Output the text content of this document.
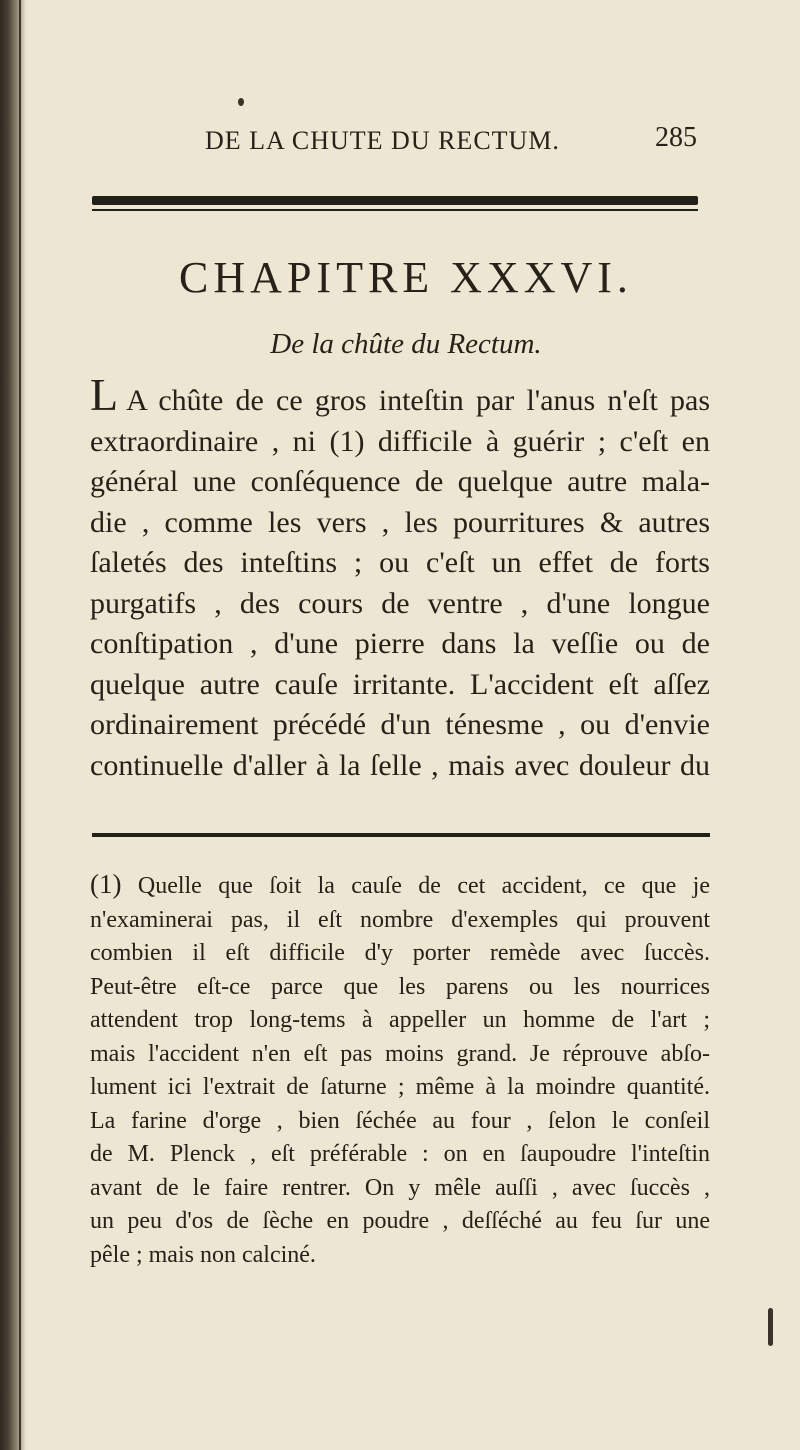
DE LA CHUTE DU RECTUM.	285
CHAPITRE XXXVI.
De la chûte du Rectum.
L A chûte de ce gros inteſtin par l'anus n'eſt pas
extraordinaire , ni (1) difficile à guérir ; c'eſt en
général une conſéquence de quelque autre mala-
die , comme les vers , les pourritures & autres
ſaletés des inteſtins ; ou c'eſt un effet de forts
purgatifs , des cours de ventre , d'une longue
conſtipation , d'une pierre dans la veſſie ou de
quelque autre cauſe irritante. L'accident eſt aſſez
ordinairement précédé d'un ténesme , ou d'envie
continuelle d'aller à la ſelle , mais avec douleur du
(1) Quelle que ſoit la cauſe de cet accident, ce que je
n'examinerai pas, il eſt nombre d'exemples qui prouvent
combien il eſt difficile d'y porter remède avec ſuccès.
Peut-être eſt-ce parce que les parens ou les nourrices
attendent trop long-tems à appeller un homme de l'art ;
mais l'accident n'en eſt pas moins grand. Je réprouve abſo-
lument ici l'extrait de ſaturne ; même à la moindre quantité.
La farine d'orge , bien ſéchée au four , ſelon le conſeil
de M. Plenck , eſt préférable : on en ſaupoudre l'inteſtin
avant de le faire rentrer. On y mêle auſſi , avec ſuccès ,
un peu d'os de ſèche en poudre , deſſéché au feu ſur une
pêle ; mais non calciné.
